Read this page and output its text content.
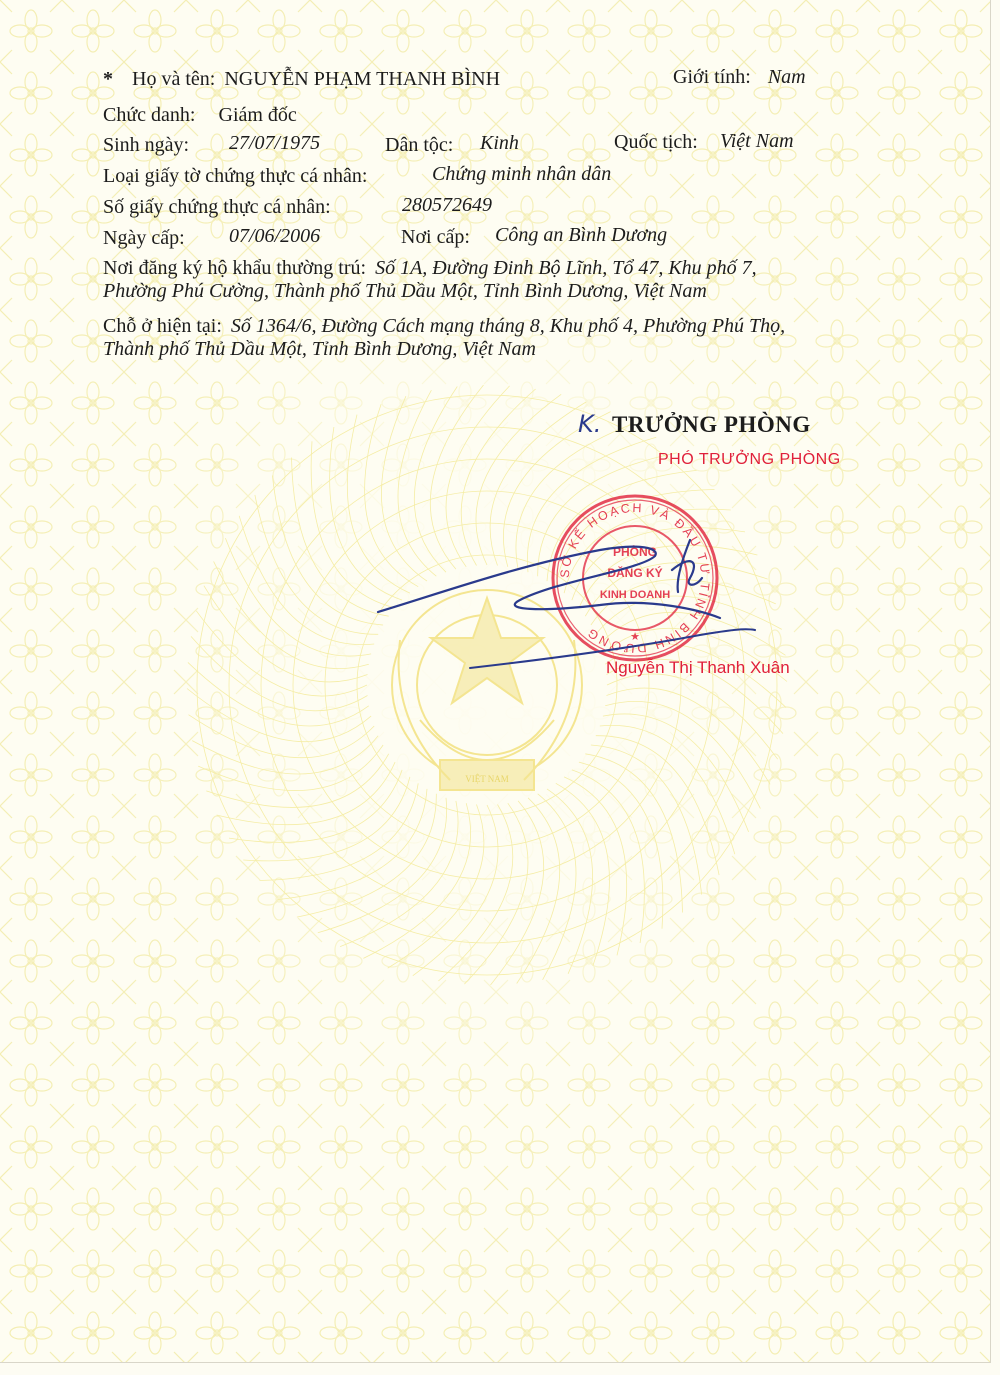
VIỆT NAM
* Họ và tên: NGUYỄN PHẠM THANH BÌNH	Giới tính: Nam
Chức danh: Giám đốc
Sinh ngày: 27/07/1975	Dân tộc: Kinh	Quốc tịch: Việt Nam
Loại giấy tờ chứng thực cá nhân:	Chứng minh nhân dân
Số giấy chứng thực cá nhân:	280572649
Ngày cấp: 07/06/2006	Nơi cấp: Công an Bình Dương
Nơi đăng ký hộ khẩu thường trú: Số 1A, Đường Đinh Bộ Lĩnh, Tổ 47, Khu phố 7,
Phường Phú Cường, Thành phố Thủ Dầu Một, Tỉnh Bình Dương, Việt Nam
Chỗ ở hiện tại: Số 1364/6, Đường Cách mạng tháng 8, Khu phố 4, Phường Phú Thọ,
Thành phố Thủ Dầu Một, Tỉnh Bình Dương, Việt Nam
K. TRƯỞNG PHÒNG
PHÓ TRƯỞNG PHÒNG
SỞ KẾ HOẠCH VÀ ĐẦU TƯ TỈNH BÌNH DƯƠNG
PHÒNG
ĐĂNG KÝ
KINH DOANH
★
Nguyễn Thị Thanh Xuân
